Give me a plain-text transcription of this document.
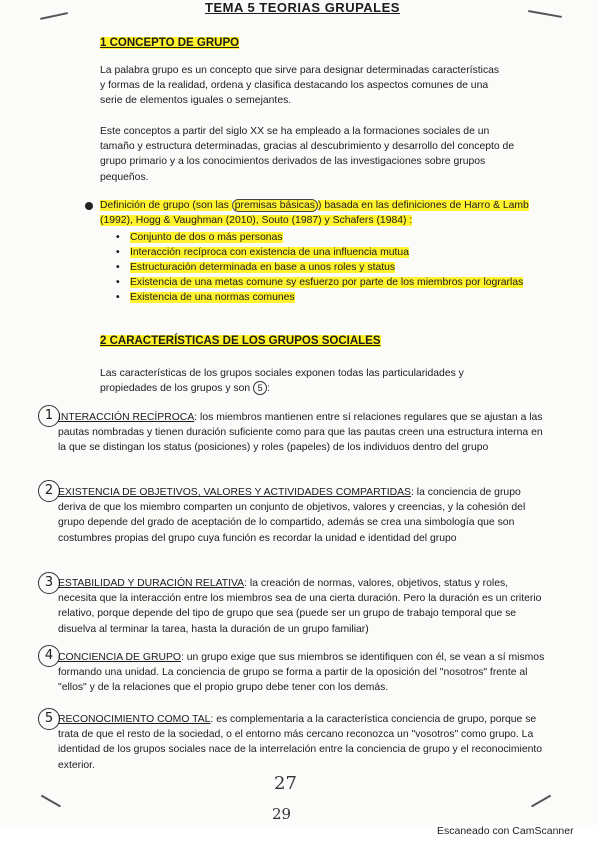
TEMA 5 TEORIAS GRUPALES
1 CONCEPTO DE GRUPO

La palabra grupo es un concepto que sirve para designar determinadas características y formas de la realidad, ordena y clasifica destacando los aspectos comunes de una serie de elementos iguales o semejantes.

Este conceptos a partir del siglo XX se ha empleado a la formaciones sociales de un tamaño y estructura determinadas, gracias al descubrimiento y desarrollo del concepto de grupo primario y a los conocimientos derivados de las investigaciones sobre grupos pequeños.

Definición de grupo (son las premisas básicas ) basada en las definiciones de Harro & Lamb (1992), Hogg & Vaughman (2010), Souto (1987) y Schafers (1984) :

• Conjunto de dos o más personas
• Interacción recíproca con existencia de una influencia mutua
• Estructuración determinada en base a unos roles y status
• Existencia de una metas comune sy esfuerzo por parte de los miembros por lograrlas
• Existencia de una normas comunes
2 CARACTERÍSTICAS DE LOS GRUPOS SOCIALES

Las características de los grupos sociales exponen todas las particularidades y propiedades de los grupos y son 5 :

1 INTERACCIÓN RECÍPROCA: los miembros mantienen entre sí relaciones regulares que se ajustan a las pautas nombradas y tienen duración suficiente como para que las pautas creen una estructura interna en la que se distingan los status (posiciones) y roles (papeles) de los individuos dentro del grupo

2 EXISTENCIA DE OBJETIVOS, VALORES Y ACTIVIDADES COMPARTIDAS: la conciencia de grupo deriva de que los miembro comparten un conjunto de objetivos, valores y creencias, y la cohesión del grupo depende del grado de aceptación de lo compartido, además se crea una simbología que son costumbres propias del grupo cuya función es recordar la unidad e identidad del grupo

3 ESTABILIDAD Y DURACIÓN RELATIVA: la creación de normas, valores, objetivos, status y roles, necesita que la interacción entre los miembros sea de una cierta duración. Pero la duración es un criterio relativo, porque depende del tipo de grupo que sea (puede ser un grupo de trabajo temporal que se disuelva al terminar la tarea, hasta la duración de un grupo familiar)

4 CONCIENCIA DE GRUPO: un grupo exige que sus miembros se identifiquen con él, se vean a sí mismos formando una unidad. La conciencia de grupo se forma a partir de la oposición del "nosotros" frente al "ellos" y de la relaciones que el propio grupo debe tener con los demás.

5 RECONOCIMIENTO COMO TAL: es complementaria a la característica conciencia de grupo, porque se trata de que el resto de la sociedad, o el entorno más cercano reconozca un "vosotros" como grupo. La identidad de los grupos sociales nace de la interrelación entre la conciencia de grupo y el reconocimiento exterior.

27
29
Escaneado con CamScanner
